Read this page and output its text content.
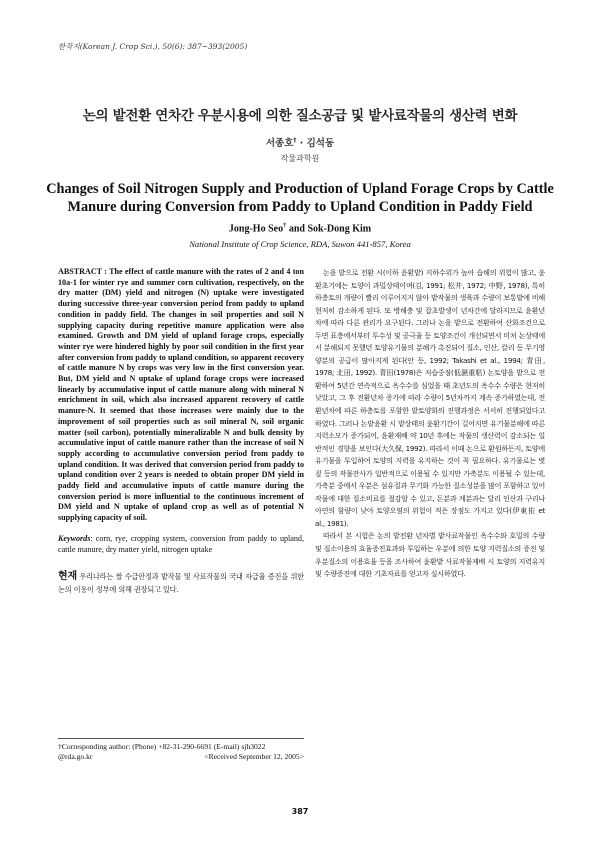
한작지(Korean J. Crop Sci.), 50(6): 387~393(2005)
논의 밭전환 연차간 우분시용에 의한 질소공급 및 밭사료작물의 생산력 변화
서종호† · 김석동
작물과학원
Changes of Soil Nitrogen Supply and Production of Upland Forage Crops by Cattle Manure during Conversion from Paddy to Upland Condition in Paddy Field
Jong-Ho Seo† and Sok-Dong Kim
National Institute of Crop Science, RDA, Suwon 441-857, Korea

ABSTRACT : The effect of cattle manure with the rates of 2 and 4 ton 10a-1 for winter rye and summer corn cultivation, respectively, on the dry matter (DM) yield and nitrogen (N) uptake were investigated during successive three-year conversion period from paddy to upland condition in paddy field. The changes in soil properties and soil N supplying capacity during repetitive manure application were also examined. Growth and DM yield of upland forage crops, especially winter rye were hindered highly by poor soil condition in the first year after conversion from paddy to upland condition, so apparent recovery of cattle manure N by crops was very low in the first conversion year. But, DM yield and N uptake of upland forage crops were increased linearly by accumulative input of cattle manure along with mineral N enrichment in soil, which also increased apparent recovery of cattle manure-N. It seemed that those increases were mainly due to the improvement of soil properties such as soil mineral N, soil organic matter (soil carbon), potentially mineralizable N and bulk density by accumulative input of cattle manure rather than the increase of soil N supply according to accumulative conversion period from paddy to upland condition. It was derived that conversion period from paddy to upland condition over 2 years is needed to obtain proper DM yield in paddy field and accumulative inputs of cattle manure during the conversion period is more influential to the continuous increment of DM yield and N uptake of upland crop as well as of potential N supplying capacity of soil.

Keywords: corn, rye, cropping system, conversion from paddy to upland, cattle manure, dry matter yield, nitrogen uptake

현재 우리나라는 쌀 수급안정과 밭작물 및 사료작물의 국내 자급율 증진을 위한 논의 이용이 정부에 의해 권장되고 있다.

†Corresponding author: (Phone) +82-31-290-6691 (E-mail) sjh3022
@rda.go.kr	<Received September 12, 2005>

논을 밭으로 전환 시(이하 윤환밭) 지하수위가 높아 습해의 위험이 많고, 윤환초기에는 토양이 과밀상태이며(김, 1991; 松井, 1972; 中野, 1978), 특히 하층토의 개량이 빨리 이루어지지 않아 밭작물의 생육과 수량이 보통밭에 비해 현저히 감소하게 된다. 또 병해충 및 잡초발생이 년차간에 달라지므로 윤환년차에 따라 다른 관리가 요구된다. 그러나 논을 밭으로 전환하여 산화조건으로 두면 표층에서부터 투수성 및 공극율 등 토양조건이 개선되면서 미처 논상태에서 분해되지 못했던 토양유기물의 분해가 촉진되어 질소, 인산, 칼리 등 무기영양분의 공급이 많아지게 된다(안 등, 1992; Takashi et al., 1994; 青田, 1978; 北田, 1992). 青田(1978)은 저습중점(低濕重粘) 논토양을 밭으로 전환하여 5년간 연속적으로 옥수수를 심었을 때 초년도의 옥수수 수량은 현저히 낮았고, 그 후 전환년차 증가에 따라 수량이 5년차까지 계속 증가하였는데, 전환년차에 따른 하층토를 포함한 밭토양화의 진행과정은 서서히 진행되었다고 하였다. 그러나 논밭윤환 시 밭상태의 윤환기간이 길어지면 유기물분해에 따른 지력소모가 증가되어, 윤환재배 약 10년 후에는 작물의 생산력이 감소되는 일반적인 경향을 보인다(大久保, 1992). 따라서 이때 논으로 환원하든지, 토양에 유기물을 투입하여 토양의 지력을 유지하는 것이 꼭 필요하다. 유기물로는 볏짚 등의 작물잔사가 일반적으로 이용될 수 있지만 가축분도 이용될 수 있는데, 가축분 중에서 우분은 섬유질과 무기화 가능한 질소성분을 많이 포함하고 있어 작물에 대한 질소비료를 절감할 수 있고, 돈분과 계분과는 달리 인산과 구리나 아연의 함량이 낮아 토양오염의 위험이 적은 장점도 가지고 있다(伊東佑 et al., 1981).

따라서 본 시험은 논의 밭전환 년차별 밭사료작물인 옥수수와 호밀의 수량 및 질소이용의 효율증진효과와 투입하는 우분에 의한 토양 지력질소의 증진 및 우분질소의 이용효율 등을 조사하여 윤환밭 사료작물재배 시 토양의 지력유지 및 수량증진에 대한 기초자료를 얻고자 실시하였다.

387
